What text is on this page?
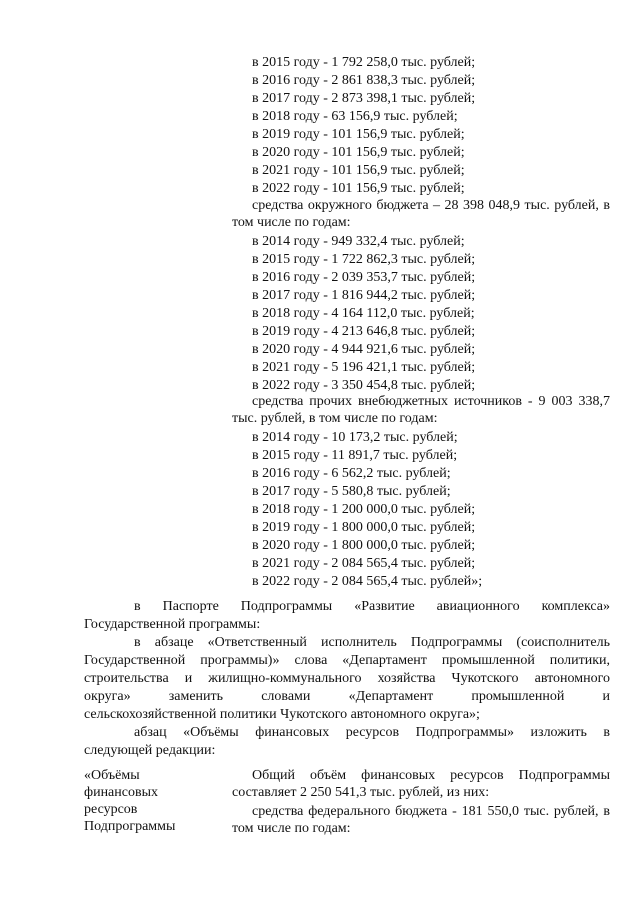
в 2015 году - 1 792 258,0 тыс. рублей;
в 2016 году - 2 861 838,3 тыс. рублей;
в 2017 году - 2 873 398,1 тыс. рублей;
в 2018 году - 63 156,9 тыс. рублей;
в 2019 году - 101 156,9 тыс. рублей;
в 2020 году - 101 156,9 тыс. рублей;
в 2021 году - 101 156,9 тыс. рублей;
в 2022 году - 101 156,9 тыс. рублей;
средства окружного бюджета – 28 398 048,9 тыс. рублей, в том числе по годам:
в 2014 году - 949 332,4 тыс. рублей;
в 2015 году - 1 722 862,3 тыс. рублей;
в 2016 году - 2 039 353,7 тыс. рублей;
в 2017 году - 1 816 944,2 тыс. рублей;
в 2018 году - 4 164 112,0 тыс. рублей;
в 2019 году - 4 213 646,8 тыс. рублей;
в 2020 году - 4 944 921,6 тыс. рублей;
в 2021 году - 5 196 421,1 тыс. рублей;
в 2022 году - 3 350 454,8 тыс. рублей;
средства прочих внебюджетных источников - 9 003 338,7 тыс. рублей, в том числе по годам:
в 2014 году - 10 173,2 тыс. рублей;
в 2015 году - 11 891,7 тыс. рублей;
в 2016 году - 6 562,2 тыс. рублей;
в 2017 году - 5 580,8 тыс. рублей;
в 2018 году - 1 200 000,0 тыс. рублей;
в 2019 году - 1 800 000,0 тыс. рублей;
в 2020 году - 1 800 000,0 тыс. рублей;
в 2021 году - 2 084 565,4 тыс. рублей;
в 2022 году - 2 084 565,4 тыс. рублей»;
в Паспорте Подпрограммы «Развитие авиационного комплекса»
Государственной программы:
в абзаце «Ответственный исполнитель Подпрограммы (соисполнитель
Государственной программы)» слова «Департамент промышленной политики,
строительства и жилищно-коммунального хозяйства Чукотского автономного
округа» заменить словами «Департамент промышленной и
сельскохозяйственной политики Чукотского автономного округа»;
абзац «Объёмы финансовых ресурсов Подпрограммы» изложить в
следующей редакции:
«Объёмы
финансовых
ресурсов
Подпрограммы
Общий объём финансовых ресурсов Подпрограммы составляет 2 250 541,3 тыс. рублей, из них:
средства федерального бюджета - 181 550,0 тыс. рублей, в том числе по годам:
